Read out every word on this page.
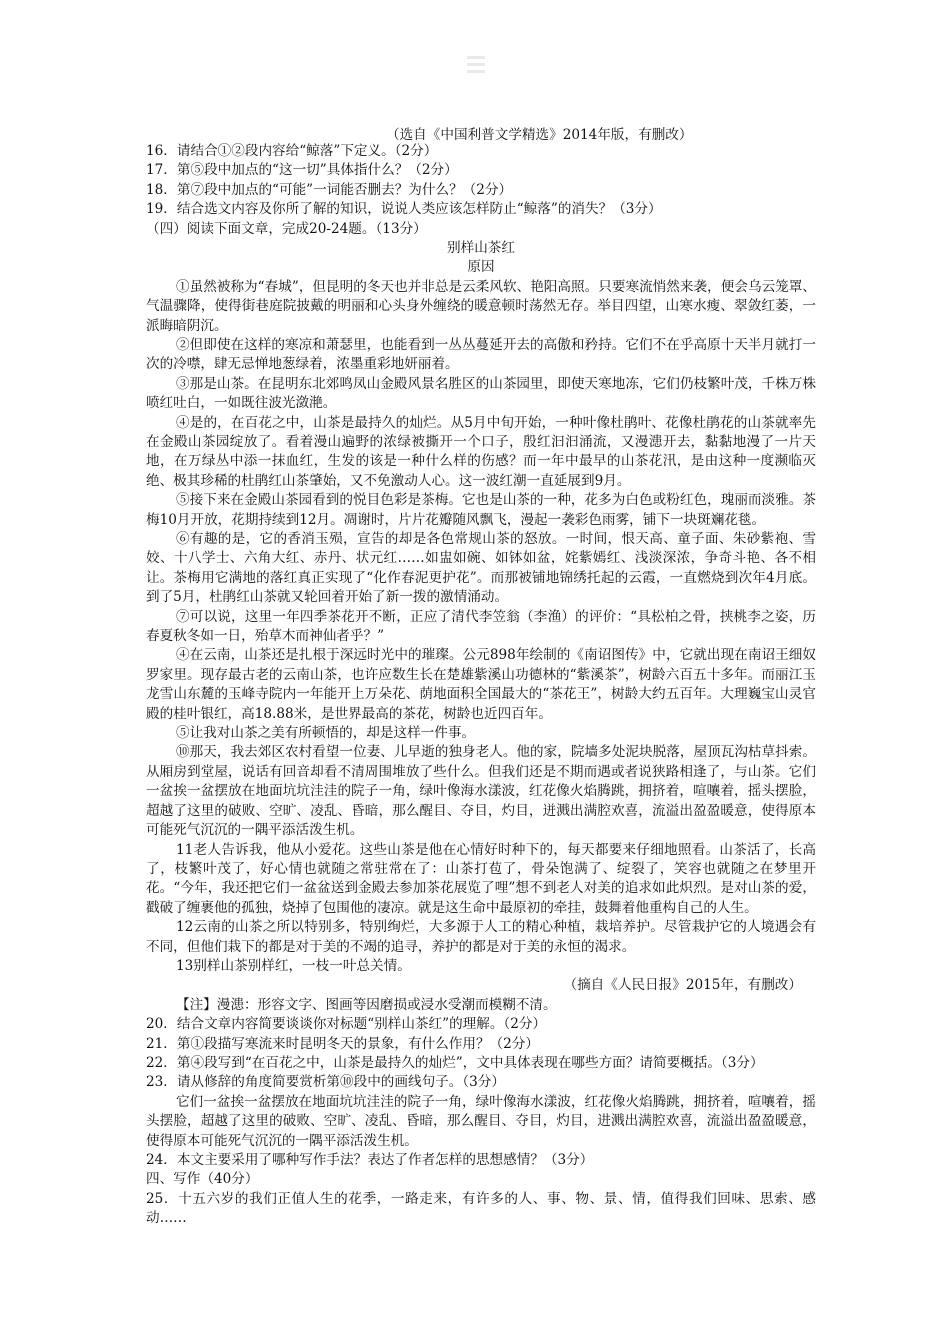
（选自《中国利普文学精选》2014年版，有删改）
16．请结合①②段内容给“鲸落”下定义。（2分）
17．第⑤段中加点的“这一切”具体指什么？（2分）
18．第⑦段中加点的“可能”一词能否删去？为什么？（2分）
19．结合选文内容及你所了解的知识，说说人类应该怎样防止“鲸落”的消失？（3分）
（四）阅读下面文章，完成20-24题。（13分）
别样山茶红
原因
①虽然被称为“春城”，但昆明的冬天也并非总是云柔风软、艳阳高照。只要寒流悄然来袭，便会乌云笼罩、气温骤降，使得街巷庭院披戴的明丽和心头身外缠绕的暖意顿时荡然无存。举目四望，山寒水瘦、翠敛红萎，一派晦暗阴沉。
②但即使在这样的寒凉和萧瑟里，也能看到一丛丛蔓延开去的高傲和矜持。它们不在乎高原十天半月就打一次的冷噤，肆无忌惮地葱绿着，浓墨重彩地妍丽着。
③那是山茶。在昆明东北郊鸣凤山金殿风景名胜区的山茶园里，即使天寒地冻，它们仍枝繁叶茂，千株万株喷红吐白，一如既往波光潋滟。
④是的，在百花之中，山茶是最持久的灿烂。从5月中旬开始，一种叶像杜鹃叶、花像杜鹃花的山茶就率先在金殿山茶园绽放了。看着漫山遍野的浓绿被撕开一个口子，殷红汩汩涌流，又漫漶开去，黏黏地漫了一片天地，在万绿丛中添一抹血红，生发的该是一种什么样的伤感？而一年中最早的山茶花汛，是由这种一度濒临灭绝、极其珍稀的杜鹃红山茶肇始，又不免激动人心。这一波红潮一直延展到9月。
⑤接下来在金殿山茶园看到的悦目色彩是茶梅。它也是山茶的一种，花多为白色或粉红色，瑰丽而淡雅。茶梅10月开放，花期持续到12月。凋谢时，片片花瓣随风飘飞，漫起一袭彩色雨雾，铺下一块斑斓花毯。
⑥有趣的是，它的香消玉殒，宣告的却是各色常规山茶的怒放。一时间，恨天高、童子面、朱砂紫袍、雪姣、十八学士、六角大红、赤丹、状元红……如盅如碗、如钵如盆，姹紫嫣红、浅淡深浓，争奇斗艳、各不相让。茶梅用它满地的落红真正实现了“化作春泥更护花”。而那被铺地锦绣托起的云霞，一直燃烧到次年4月底。到了5月，杜鹃红山茶就又轮回着开始了新一拨的激情涌动。
⑦可以说，这里一年四季茶花开不断，正应了清代李笠翁（李渔）的评价：“具松柏之骨，挟桃李之姿，历春夏秋冬如一日，殆草木而神仙者乎？”
④在云南，山茶还是扎根于深远时光中的璀璨。公元898年绘制的《南诏图传》中，它就出现在南诏王细奴罗家里。现存最古老的云南山茶，也许应数生长在楚雄紫溪山功德林的“紫溪茶”，树龄六百五十多年。而丽江玉龙雪山东麓的玉峰寺院内一年能开上万朵花、荫地面积全国最大的“茶花王”，树龄大约五百年。大理巍宝山灵官殿的桂叶银红，高18.88米，是世界最高的茶花，树龄也近四百年。
⑤让我对山茶之美有所顿悟的，却是这样一件事。
⑩那天，我去郊区农村看望一位妻、儿早逝的独身老人。他的家，院墙多处泥块脱落，屋顶瓦沟枯草抖索。从厢房到堂屋，说话有回音却看不清周围堆放了些什么。但我们还是不期而遇或者说狭路相逢了，与山茶。它们一盆挨一盆摆放在地面坑坑洼洼的院子一角，绿叶像海水漾波，红花像火焰腾跳，拥挤着，喧嚷着，摇头摆脸，超越了这里的破败、空旷、凌乱、昏暗，那么醒目、夺目，灼目，迸溅出满腔欢喜，流溢出盈盈暖意，使得原本可能死气沉沉的一隅平添活泼生机。
11老人告诉我，他从小爱花。这些山茶是他在心情好时种下的，每天都要来仔细地照看。山茶活了，长高了，枝繁叶茂了，好心情也就随之常驻常在了：山茶打苞了，骨朵饱满了、绽裂了，笑容也就随之在梦里开花。“今年，我还把它们一盆盆送到金殿去参加茶花展览了哩”想不到老人对美的追求如此炽烈。是对山茶的爱，戳破了缠裹他的孤独，烧掉了包围他的凄凉。就是这生命中最原初的牵挂，鼓舞着他重构自己的人生。
12云南的山茶之所以特别多，特别绚烂，大多源于人工的精心种植，栽培养护。尽管栽护它的人境遇会有不同，但他们栽下的都是对于美的不竭的追寻，养护的都是对于美的永恒的渴求。
13别样山茶别样红，一枝一叶总关情。
（摘自《人民日报》2015年，有删改）
【注】漫漶：形容文字、图画等因磨损或浸水受潮而模糊不清。
20．结合文章内容简要谈谈你对标题“别样山茶红”的理解。（2分）
21．第①段描写寒流来时昆明冬天的景象，有什么作用？（2分）
22．第④段写到“在百花之中，山茶是最持久的灿烂”，文中具体表现在哪些方面？请简要概括。（3分）
23．请从修辞的角度简要赏析第⑩段中的画线句子。（3分）
它们一盆挨一盆摆放在地面坑坑洼洼的院子一角，绿叶像海水漾波，红花像火焰腾跳，拥挤着，喧嚷着，摇头摆脸，超越了这里的破败、空旷、凌乱、昏暗，那么醒目、夺目，灼目，进溅出满腔欢喜，流溢出盈盈暖意，使得原本可能死气沉沉的一隅平添活泼生机。
24．本文主要采用了哪种写作手法？表达了作者怎样的思想感情？（3分）
四、写作（40分）
25．十五六岁的我们正值人生的花季，一路走来，有许多的人、事、物、景、情，值得我们回味、思索、感动……
